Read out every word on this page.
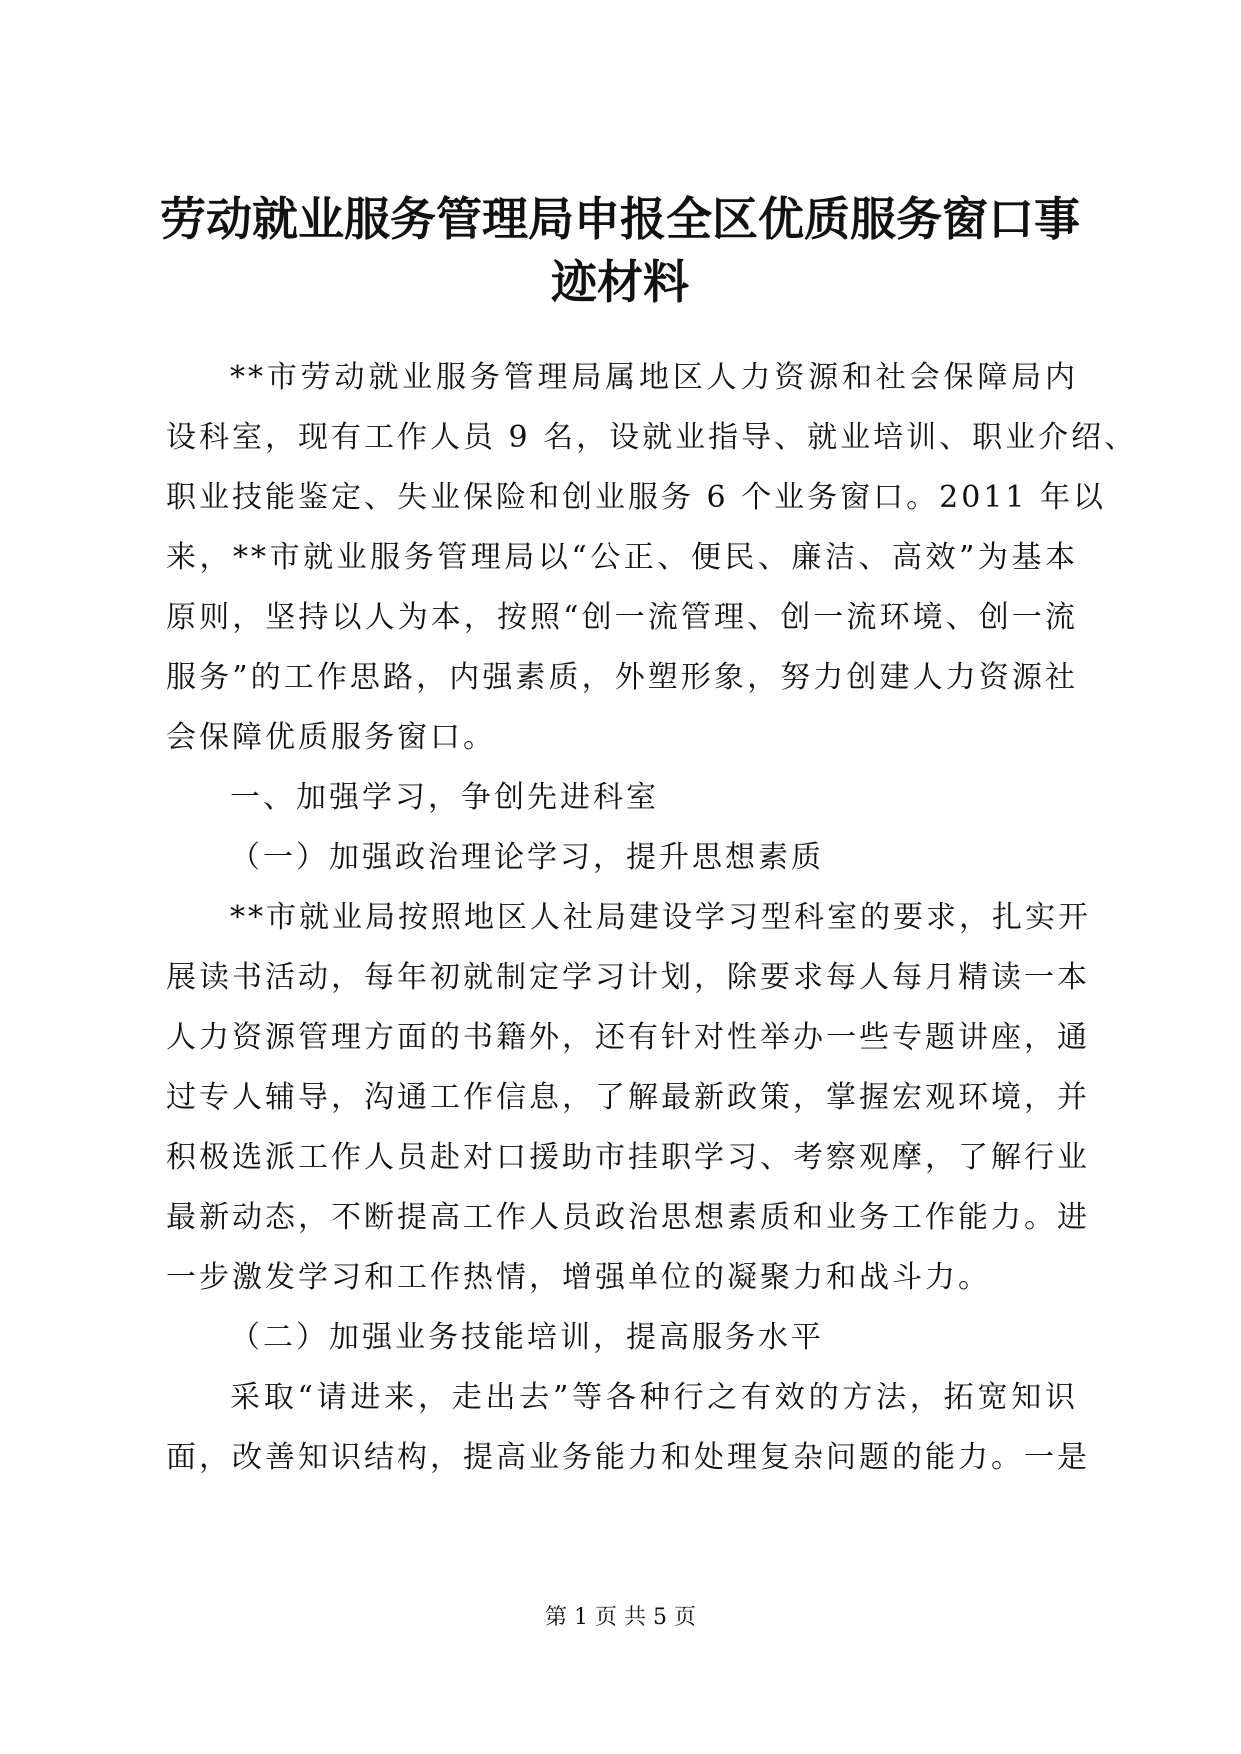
劳动就业服务管理局申报全区优质服务窗口事
迹材料
**市劳动就业服务管理局属地区人力资源和社会保障局内
设科室，现有工作人员 9 名，设就业指导、就业培训、职业介绍、
职业技能鉴定、失业保险和创业服务 6 个业务窗口。2011 年以
来，**市就业服务管理局以“公正、便民、廉洁、高效”为基本
原则，坚持以人为本，按照“创一流管理、创一流环境、创一流
服务”的工作思路，内强素质，外塑形象，努力创建人力资源社
会保障优质服务窗口。
一、加强学习，争创先进科室
（一）加强政治理论学习，提升思想素质
**市就业局按照地区人社局建设学习型科室的要求，扎实开
展读书活动，每年初就制定学习计划，除要求每人每月精读一本
人力资源管理方面的书籍外，还有针对性举办一些专题讲座，通
过专人辅导，沟通工作信息，了解最新政策，掌握宏观环境，并
积极选派工作人员赴对口援助市挂职学习、考察观摩，了解行业
最新动态，不断提高工作人员政治思想素质和业务工作能力。进
一步激发学习和工作热情，增强单位的凝聚力和战斗力。
（二）加强业务技能培训，提高服务水平
采取“请进来，走出去”等各种行之有效的方法，拓宽知识
面，改善知识结构，提高业务能力和处理复杂问题的能力。一是
第 1 页 共 5 页
